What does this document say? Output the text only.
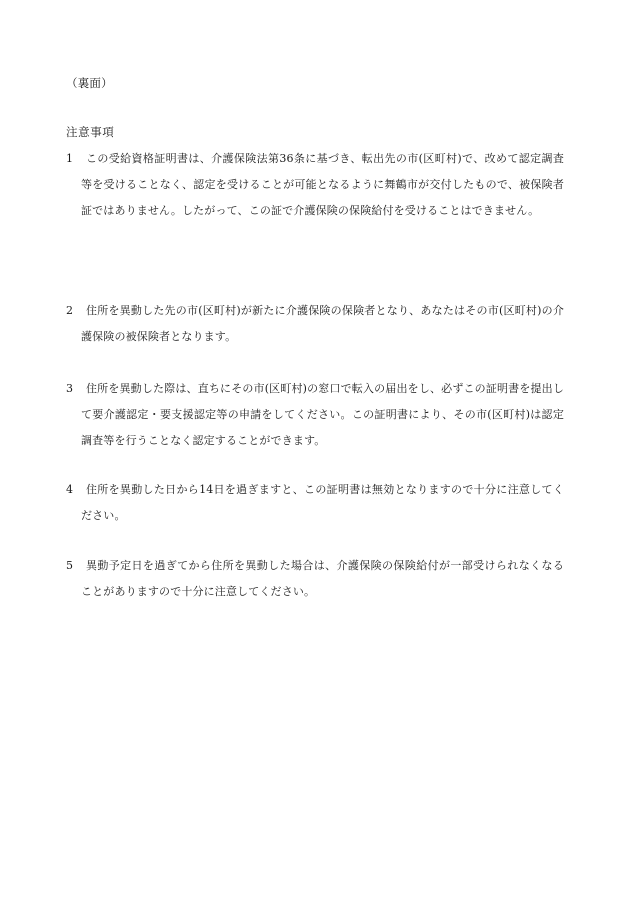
（裏面）
注意事項
1	この受給資格証明書は、介護保険法第36条に基づき、転出先の市(区町村)で、改めて認定調査等を受けることなく、認定を受けることが可能となるように舞鶴市が交付したもので、被保険者証ではありません。したがって、この証で介護保険の保険給付を受けることはできません。
2	住所を異動した先の市(区町村)が新たに介護保険の保険者となり、あなたはその市(区町村)の介護保険の被保険者となります。
3	住所を異動した際は、直ちにその市(区町村)の窓口で転入の届出をし、必ずこの証明書を提出して要介護認定・要支援認定等の申請をしてください。この証明書により、その市(区町村)は認定調査等を行うことなく認定することができます。
4	住所を異動した日から14日を過ぎますと、この証明書は無効となりますので十分に注意してください。
5	異動予定日を過ぎてから住所を異動した場合は、介護保険の保険給付が一部受けられなくなることがありますので十分に注意してください。
